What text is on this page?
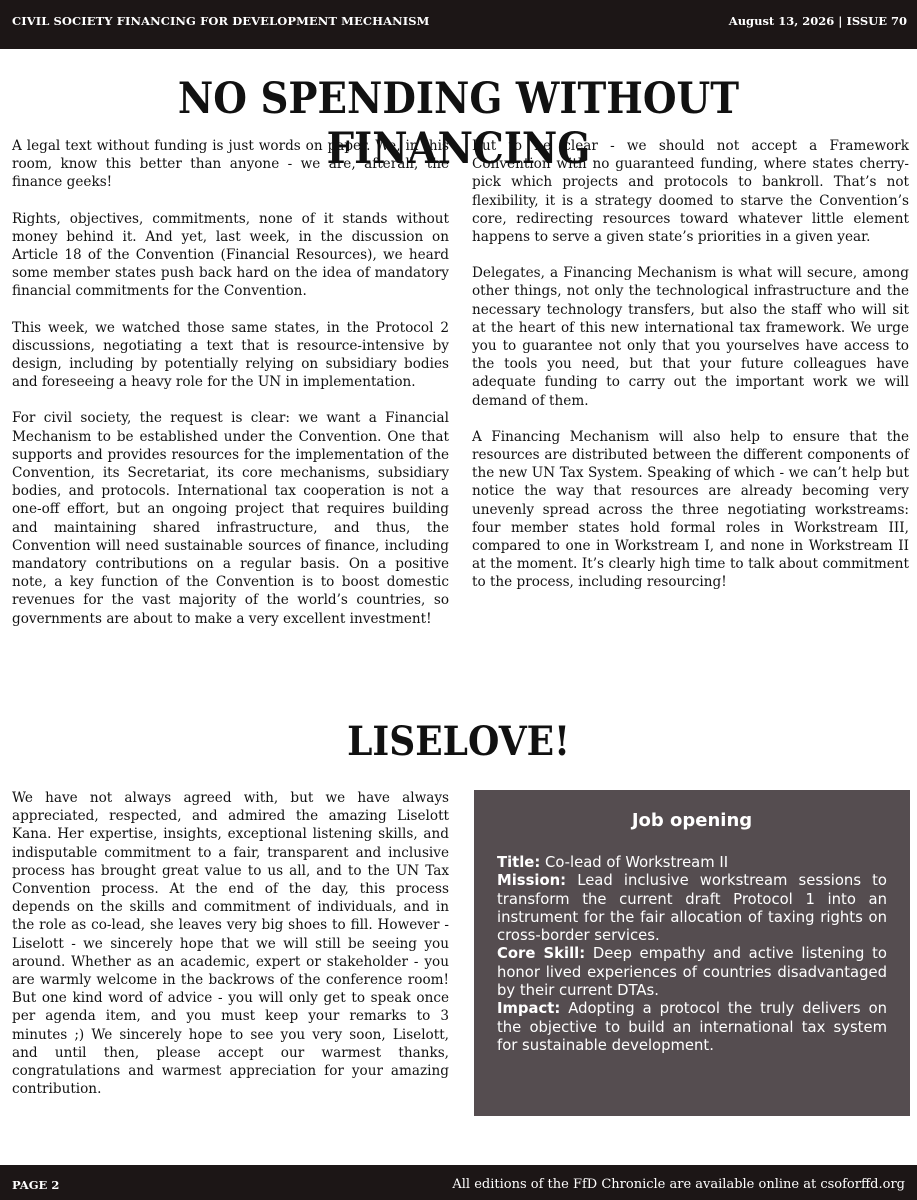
CIVIL SOCIETY FINANCING FOR DEVELOPMENT MECHANISM	August 13, 2026 | ISSUE 70
NO SPENDING WITHOUT FINANCING

A legal text without funding is just words on paper. We, in this room, know this better than anyone - we are, afterall, the finance geeks!

Rights, objectives, commitments, none of it stands without money behind it. And yet, last week, in the discussion on Article 18 of the Convention (Financial Resources), we heard some member states push back hard on the idea of mandatory financial commitments for the Convention.

This week, we watched those same states, in the Protocol 2 discussions, negotiating a text that is resource-intensive by design, including by potentially relying on subsidiary bodies and foreseeing a heavy role for the UN in implementation.

For civil society, the request is clear: we want a Financial Mechanism to be established under the Convention. One that supports and provides resources for the implementation of the Convention, its Secretariat, its core mechanisms, subsidiary bodies, and protocols. International tax cooperation is not a one-off effort, but an ongoing project that requires building and maintaining shared infrastructure, and thus, the Convention will need sustainable sources of finance, including mandatory contributions on a regular basis. On a positive note, a key function of the Convention is to boost domestic revenues for the vast majority of the world’s countries, so governments are about to make a very excellent investment!

But to be clear - we should not accept a Framework Convention with no guaranteed funding, where states cherry-pick which projects and protocols to bankroll. That’s not flexibility, it is a strategy doomed to starve the Convention’s core, redirecting resources toward whatever little element happens to serve a given state’s priorities in a given year.

Delegates, a Financing Mechanism is what will secure, among other things, not only the technological infrastructure and the necessary technology transfers, but also the staff who will sit at the heart of this new international tax framework. We urge you to guarantee not only that you yourselves have access to the tools you need, but that your future colleagues have adequate funding to carry out the important work we will demand of them.

A Financing Mechanism will also help to ensure that the resources are distributed between the different components of the new UN Tax System. Speaking of which - we can’t help but notice the way that resources are already becoming very unevenly spread across the three negotiating workstreams: four member states hold formal roles in Workstream III, compared to one in Workstream I, and none in Workstream II at the moment. It’s clearly high time to talk about commitment to the process, including resourcing!

LISELOVE!

We have not always agreed with, but we have always appreciated, respected, and admired the amazing Liselott Kana. Her expertise, insights, exceptional listening skills, and indisputable commitment to a fair, transparent and inclusive process has brought great value to us all, and to the UN Tax Convention process. At the end of the day, this process depends on the skills and commitment of individuals, and in the role as co-lead, she leaves very big shoes to fill. However - Liselott - we sincerely hope that we will still be seeing you around. Whether as an academic, expert or stakeholder - you are warmly welcome in the backrows of the conference room! But one kind word of advice - you will only get to speak once per agenda item, and you must keep your remarks to 3 minutes ;) We sincerely hope to see you very soon, Liselott, and until then, please accept our warmest thanks, congratulations and warmest appreciation for your amazing contribution.

Job opening
Title: Co-lead of Workstream II
Mission: Lead inclusive workstream sessions to transform the current draft Protocol 1 into an instrument for the fair allocation of taxing rights on cross-border services.
Core Skill: Deep empathy and active listening to honor lived experiences of countries disadvantaged by their current DTAs.
Impact: Adopting a protocol the truly delivers on the objective to build an international tax system for sustainable development.
PAGE 2	All editions of the FfD Chronicle are available online at csoforffd.org
